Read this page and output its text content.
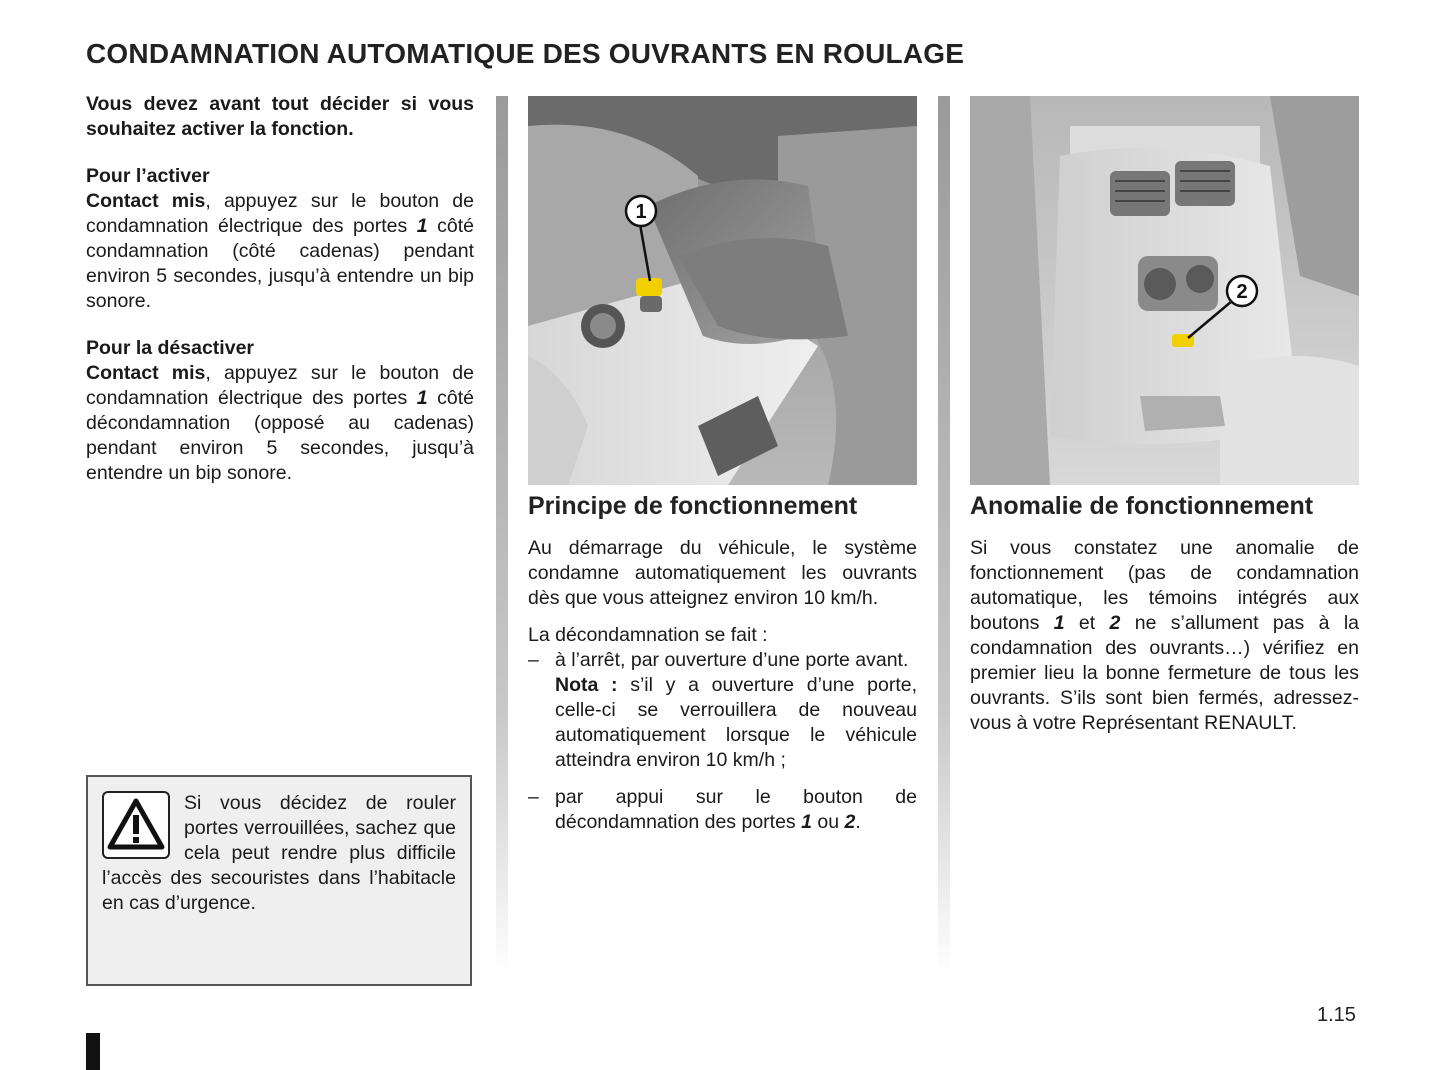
CONDAMNATION AUTOMATIQUE DES OUVRANTS EN ROULAGE

Vous devez avant tout décider si vous souhaitez activer la fonction.

Pour l’activer

Contact mis, appuyez sur le bouton de condamnation électrique des portes 1 côté condamnation (côté cadenas) pendant environ 5 secondes, jusqu’à entendre un bip sonore.

Pour la désactiver

Contact mis, appuyez sur le bouton de condamnation électrique des portes 1 côté décondamnation (opposé au cadenas) pendant environ 5 secondes, jusqu’à entendre un bip sonore.

Si vous décidez de rouler portes verrouillées, sachez que cela peut rendre plus difficile l’accès des secouristes dans l’habitacle en cas d’urgence.
1
2
Principe de fonctionnement

Au démarrage du véhicule, le système condamne automatiquement les ouvrants dès que vous atteignez environ 10 km/h.

La décondamnation se fait :

– à l’arrêt, par ouverture d’une porte avant.

Nota : s’il y a ouverture d’une porte, celle-ci se verrouillera de nouveau automatiquement lorsque le véhicule atteindra environ 10 km/h ;

– par appui sur le bouton de décondamnation des portes 1 ou 2.

Anomalie de fonctionnement

Si vous constatez une anomalie de fonctionnement (pas de condamnation automatique, les témoins intégrés aux boutons 1 et 2 ne s’allument pas à la condamnation des ouvrants…) vérifiez en premier lieu la bonne fermeture de tous les ouvrants. S’ils sont bien fermés, adressez-vous à votre Représentant RENAULT.

1.15
